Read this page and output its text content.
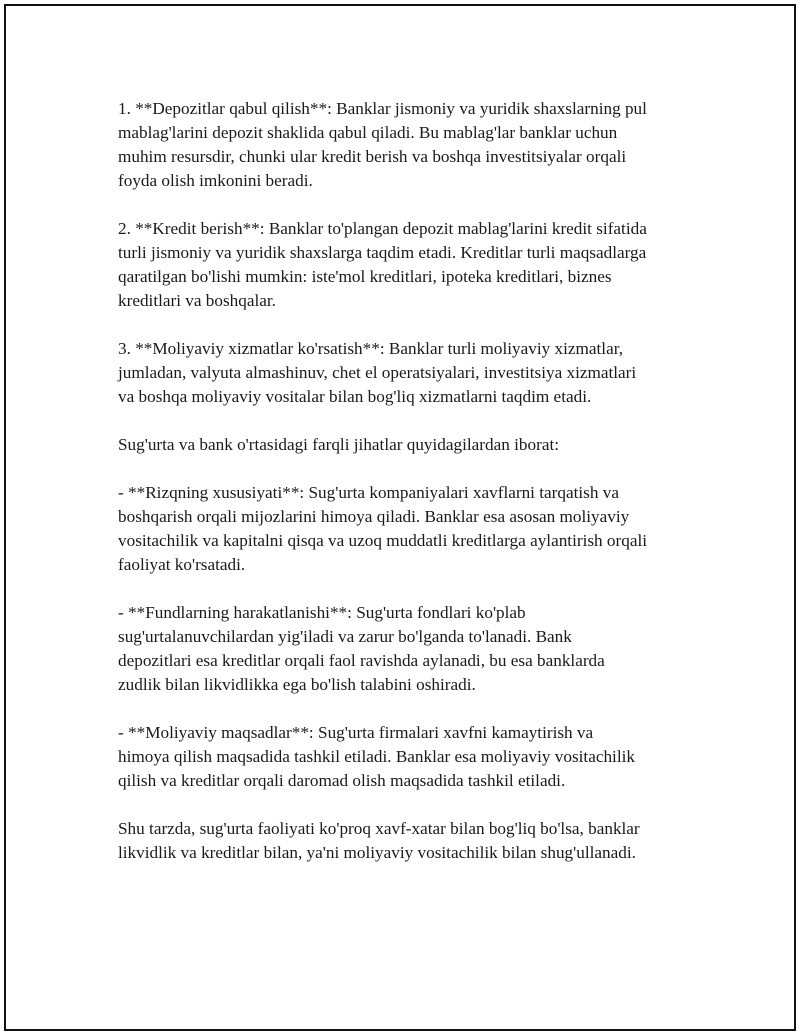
1. **Depozitlar qabul qilish**: Banklar jismoniy va yuridik shaxslarning pul
mablag'larini depozit shaklida qabul qiladi. Bu mablag'lar banklar uchun
muhim resursdir, chunki ular kredit berish va boshqa investitsiyalar orqali
foyda olish imkonini beradi.

2. **Kredit berish**: Banklar to'plangan depozit mablag'larini kredit sifatida
turli jismoniy va yuridik shaxslarga taqdim etadi. Kreditlar turli maqsadlarga
qaratilgan bo'lishi mumkin: iste'mol kreditlari, ipoteka kreditlari, biznes
kreditlari va boshqalar.

3. **Moliyaviy xizmatlar ko'rsatish**: Banklar turli moliyaviy xizmatlar,
jumladan, valyuta almashinuv, chet el operatsiyalari, investitsiya xizmatlari
va boshqa moliyaviy vositalar bilan bog'liq xizmatlarni taqdim etadi.

Sug'urta va bank o'rtasidagi farqli jihatlar quyidagilardan iborat:

- **Rizqning xususiyati**: Sug'urta kompaniyalari xavflarni tarqatish va
boshqarish orqali mijozlarini himoya qiladi. Banklar esa asosan moliyaviy
vositachilik va kapitalni qisqa va uzoq muddatli kreditlarga aylantirish orqali
faoliyat ko'rsatadi.

- **Fundlarning harakatlanishi**: Sug'urta fondlari ko'plab
sug'urtalanuvchilardan yig'iladi va zarur bo'lganda to'lanadi. Bank
depozitlari esa kreditlar orqali faol ravishda aylanadi, bu esa banklarda
zudlik bilan likvidlikka ega bo'lish talabini oshiradi.

- **Moliyaviy maqsadlar**: Sug'urta firmalari xavfni kamaytirish va
himoya qilish maqsadida tashkil etiladi. Banklar esa moliyaviy vositachilik
qilish va kreditlar orqali daromad olish maqsadida tashkil etiladi.

Shu tarzda, sug'urta faoliyati ko'proq xavf-xatar bilan bog'liq bo'lsa, banklar
likvidlik va kreditlar bilan, ya'ni moliyaviy vositachilik bilan shug'ullanadi.
